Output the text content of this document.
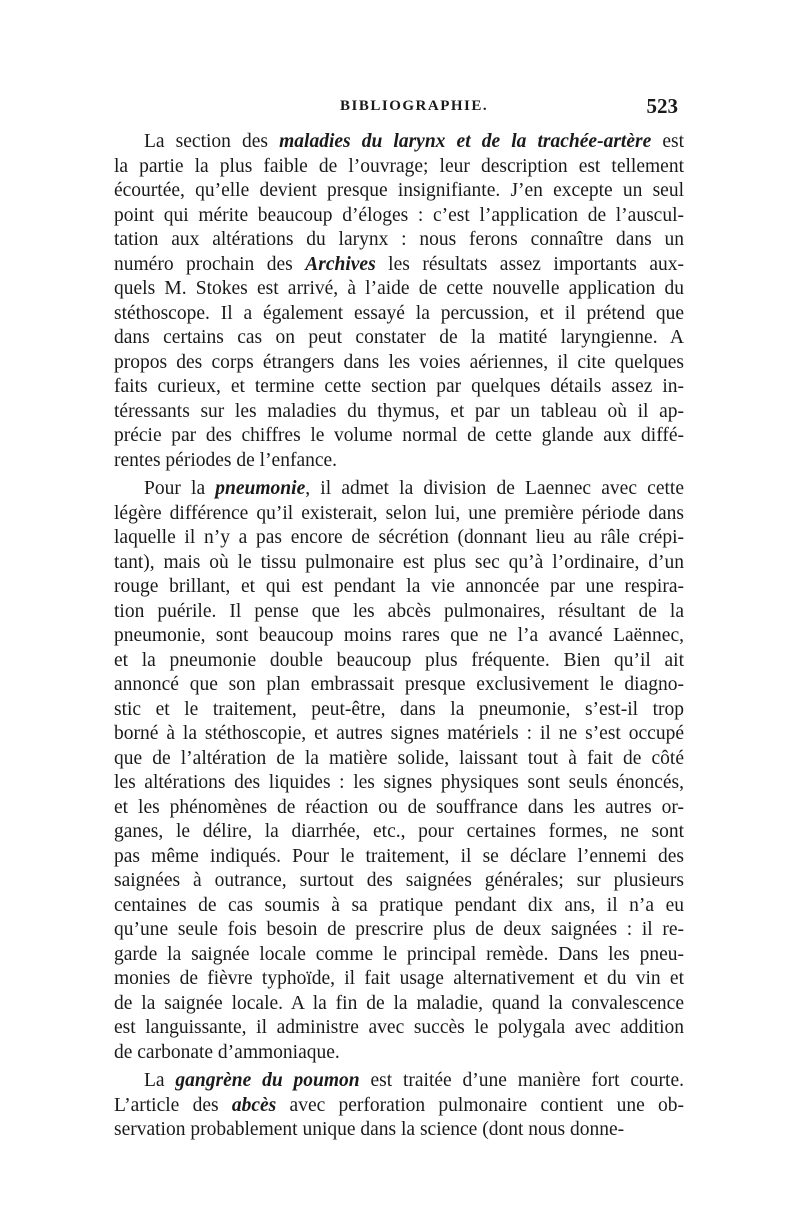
BIBLIOGRAPHIE.	523
La section des maladies du larynx et de la trachée-artère est
la partie la plus faible de l’ouvrage; leur description est tellement
écourtée, qu’elle devient presque insignifiante. J’en excepte un seul
point qui mérite beaucoup d’éloges : c’est l’application de l’auscul-
tation aux altérations du larynx : nous ferons connaître dans un
numéro prochain des Archives les résultats assez importants aux-
quels M. Stokes est arrivé, à l’aide de cette nouvelle application du
stéthoscope. Il a également essayé la percussion, et il prétend que
dans certains cas on peut constater de la matité laryngienne. A
propos des corps étrangers dans les voies aériennes, il cite quelques
faits curieux, et termine cette section par quelques détails assez in-
téressants sur les maladies du thymus, et par un tableau où il ap-
précie par des chiffres le volume normal de cette glande aux diffé-
rentes périodes de l’enfance.
Pour la pneumonie, il admet la division de Laennec avec cette
légère différence qu’il existerait, selon lui, une première période dans
laquelle il n’y a pas encore de sécrétion (donnant lieu au râle crépi-
tant), mais où le tissu pulmonaire est plus sec qu’à l’ordinaire, d’un
rouge brillant, et qui est pendant la vie annoncée par une respira-
tion puérile. Il pense que les abcès pulmonaires, résultant de la
pneumonie, sont beaucoup moins rares que ne l’a avancé Laënnec,
et la pneumonie double beaucoup plus fréquente. Bien qu’il ait
annoncé que son plan embrassait presque exclusivement le diagno-
stic et le traitement, peut-être, dans la pneumonie, s’est-il trop
borné à la stéthoscopie, et autres signes matériels : il ne s’est occupé
que de l’altération de la matière solide, laissant tout à fait de côté
les altérations des liquides : les signes physiques sont seuls énoncés,
et les phénomènes de réaction ou de souffrance dans les autres or-
ganes, le délire, la diarrhée, etc., pour certaines formes, ne sont
pas même indiqués. Pour le traitement, il se déclare l’ennemi des
saignées à outrance, surtout des saignées générales; sur plusieurs
centaines de cas soumis à sa pratique pendant dix ans, il n’a eu
qu’une seule fois besoin de prescrire plus de deux saignées : il re-
garde la saignée locale comme le principal remède. Dans les pneu-
monies de fièvre typhoïde, il fait usage alternativement et du vin et
de la saignée locale. A la fin de la maladie, quand la convalescence
est languissante, il administre avec succès le polygala avec addition
de carbonate d’ammoniaque.
La gangrène du poumon est traitée d’une manière fort courte.
L’article des abcès avec perforation pulmonaire contient une ob-
servation probablement unique dans la science (dont nous donne-
